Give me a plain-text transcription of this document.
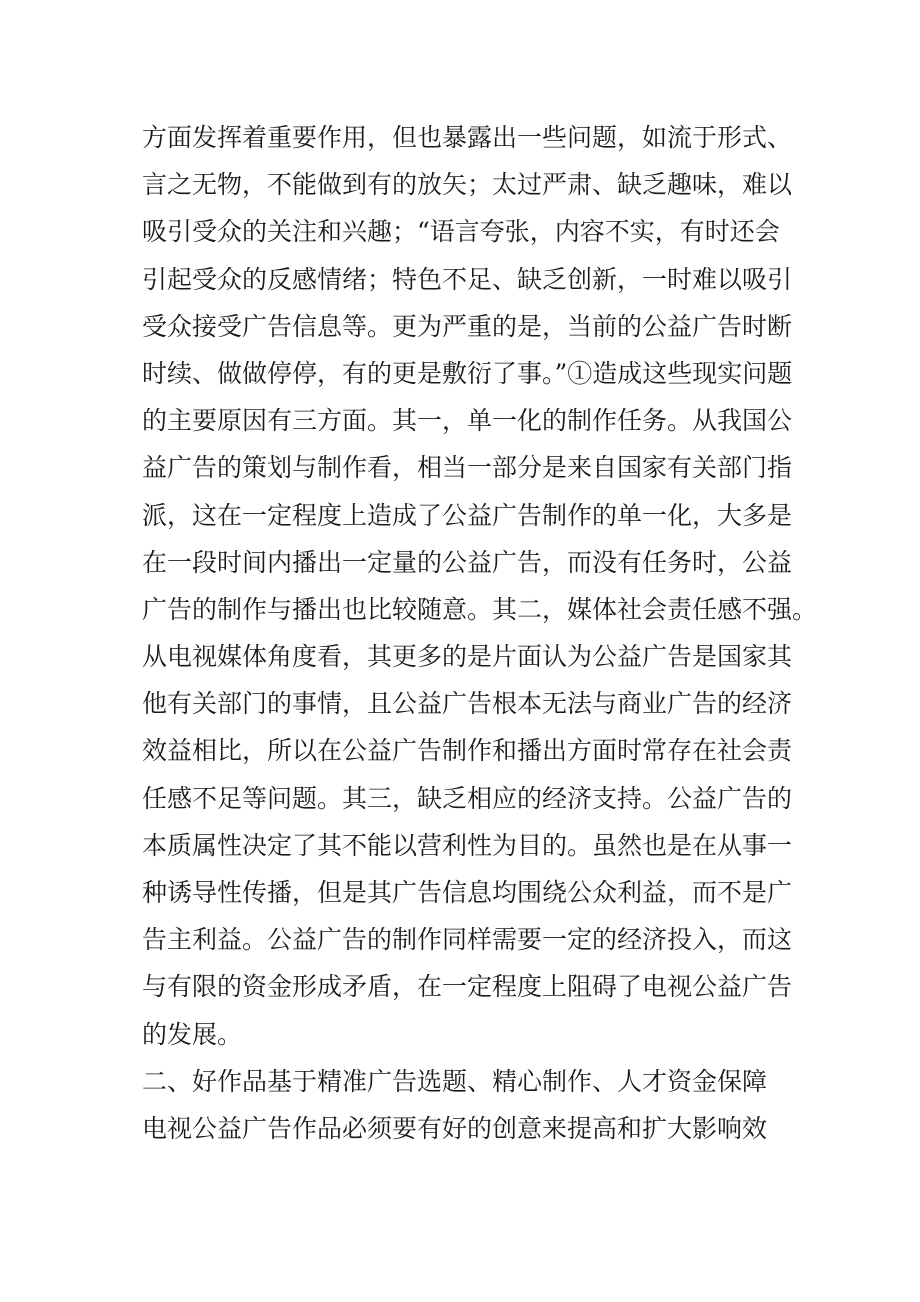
方面发挥着重要作用，但也暴露出一些问题，如流于形式、
言之无物，不能做到有的放矢；太过严肃、缺乏趣味，难以
吸引受众的关注和兴趣；“语言夸张，内容不实，有时还会
引起受众的反感情绪；特色不足、缺乏创新，一时难以吸引
受众接受广告信息等。更为严重的是，当前的公益广告时断
时续、做做停停，有的更是敷衍了事。”①造成这些现实问题
的主要原因有三方面。其一，单一化的制作任务。从我国公
益广告的策划与制作看，相当一部分是来自国家有关部门指
派，这在一定程度上造成了公益广告制作的单一化，大多是
在一段时间内播出一定量的公益广告，而没有任务时，公益
广告的制作与播出也比较随意。其二，媒体社会责任感不强。
从电视媒体角度看，其更多的是片面认为公益广告是国家其
他有关部门的事情，且公益广告根本无法与商业广告的经济
效益相比，所以在公益广告制作和播出方面时常存在社会责
任感不足等问题。其三，缺乏相应的经济支持。公益广告的
本质属性决定了其不能以营利性为目的。虽然也是在从事一
种诱导性传播，但是其广告信息均围绕公众利益，而不是广
告主利益。公益广告的制作同样需要一定的经济投入，而这
与有限的资金形成矛盾，在一定程度上阻碍了电视公益广告
的发展。
二、好作品基于精准广告选题、精心制作、人才资金保障
电视公益广告作品必须要有好的创意来提高和扩大影响效
